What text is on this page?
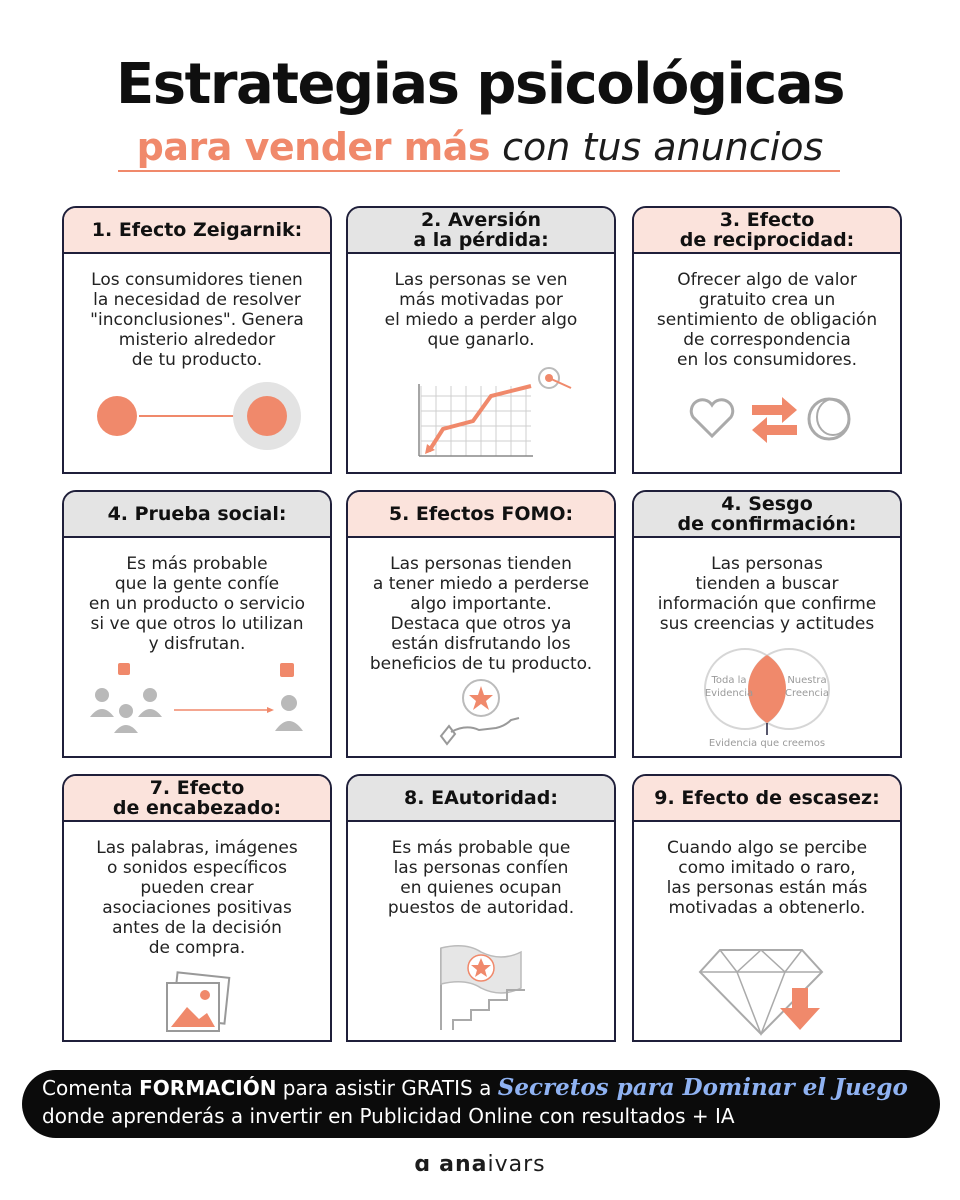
Estrategias psicológicas
para vender más con tus anuncios
1. Efecto Zeigarnik:
Los consumidores tienen
la necesidad de resolver
"inconclusiones". Genera
misterio alrededor
de tu producto.
2. Aversión
a la pérdida:
Las personas se ven
más motivadas por
el miedo a perder algo
que ganarlo.
3. Efecto
de reciprocidad:
Ofrecer algo de valor
gratuito crea un
sentimiento de obligación
de correspondencia
en los consumidores.
4. Prueba social:
Es más probable
que la gente confíe
en un producto o servicio
si ve que otros lo utilizan
y disfrutan.
5. Efectos FOMO:
Las personas tienden
a tener miedo a perderse
algo importante.
Destaca que otros ya
están disfrutando los
beneficios de tu producto.
4. Sesgo
de confirmación:
Las personas
tienden a buscar
información que confirme
sus creencias y actitudes
Toda la
Evidencia
Nuestra
Creencia
Evidencia que creemos
7. Efecto
de encabezado:
Las palabras, imágenes
o sonidos específicos
pueden crear
asociaciones positivas
antes de la decisión
de compra.
8. EAutoridad:
Es más probable que
las personas confíen
en quienes ocupan
puestos de autoridad.
9. Efecto de escasez:
Cuando algo se percibe
como imitado o raro,
las personas están más
motivadas a obtenerlo.
Comenta FORMACIÓN para asistir GRATIS a Secretos para Dominar el Juego donde aprenderás a invertir en Publicidad Online con resultados + IA
ɑ anaivars
